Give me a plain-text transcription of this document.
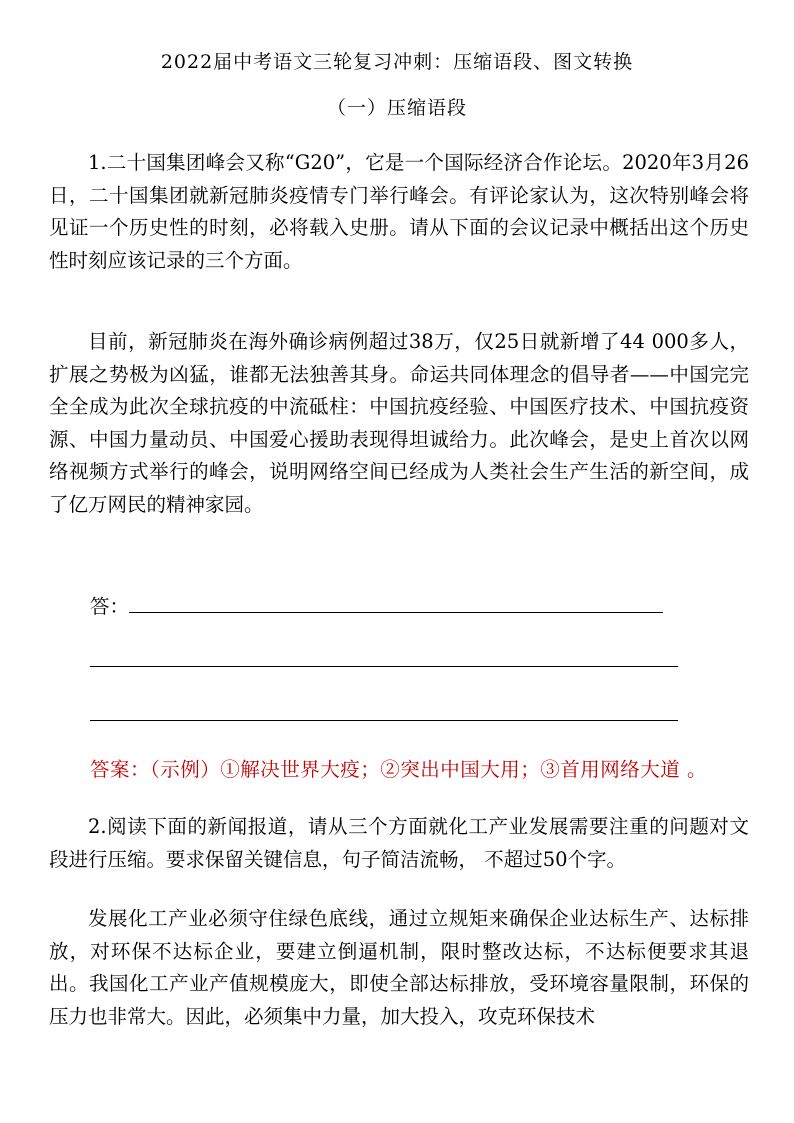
2022届中考语文三轮复习冲刺：压缩语段、图文转换
（一）压缩语段

1.二十国集团峰会又称“G20”，它是一个国际经济合作论坛。2020年3月26日，二十国集团就新冠肺炎疫情专门举行峰会。有评论家认为，这次特别峰会将见证一个历史性的时刻，必将载入史册。请从下面的会议记录中概括出这个历史性时刻应该记录的三个方面。

目前，新冠肺炎在海外确诊病例超过38万，仅25日就新增了44 000多人，扩展之势极为凶猛，谁都无法独善其身。命运共同体理念的倡导者——中国完完全全成为此次全球抗疫的中流砥柱：中国抗疫经验、中国医疗技术、中国抗疫资源、中国力量动员、中国爱心援助表现得坦诚给力。此次峰会，是史上首次以网络视频方式举行的峰会，说明网络空间已经成为人类社会生产生活的新空间，成了亿万网民的精神家园。

答：
答案：（示例）①解决世界大疫；②突出中国大用；③首用网络大道 。

2.阅读下面的新闻报道，请从三个方面就化工产业发展需要注重的问题对文段进行压缩。要求保留关键信息，句子简洁流畅， 不超过50个字。

发展化工产业必须守住绿色底线，通过立规矩来确保企业达标生产、达标排放，对环保不达标企业，要建立倒逼机制，限时整改达标，不达标便要求其退出。我国化工产业产值规模庞大，即使全部达标排放，受环境容量限制，环保的压力也非常大。因此，必须集中力量，加大投入，攻克环保技术
